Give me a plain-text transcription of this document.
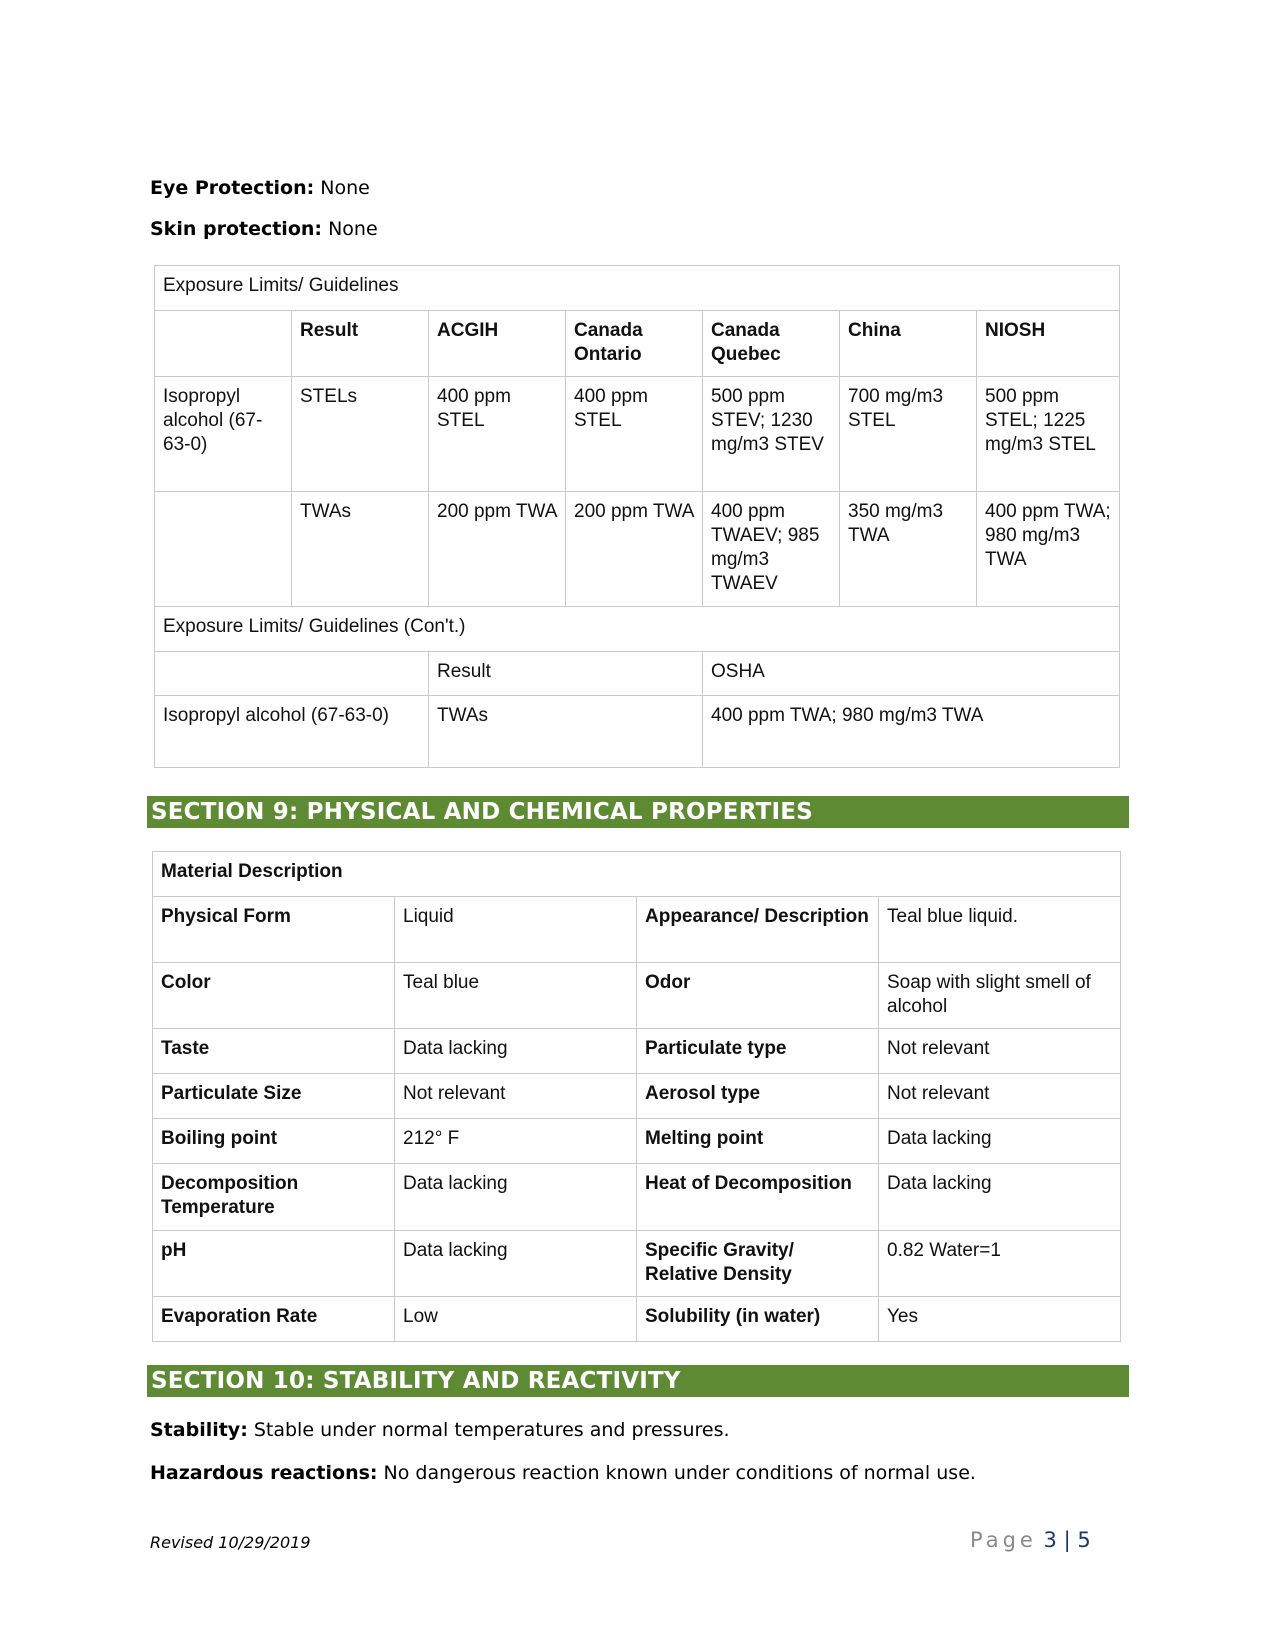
Eye Protection: None
Skin protection: None
Exposure Limits/ Guidelines						
	Result	ACGIH	Canada Ontario	Canada Quebec	China	NIOSH
Isopropyl alcohol (67-63-0)	STELs	400 ppm STEL	400 ppm STEL	500 ppm STEV; 1230 mg/m3 STEV	700 mg/m3 STEL	500 ppm STEL; 1225 mg/m3 STEL
	TWAs	200 ppm TWA	200 ppm TWA	400 ppm TWAEV; 985 mg/m3 TWAEV	350 mg/m3 TWA	400 ppm TWA; 980 mg/m3 TWA
Exposure Limits/ Guidelines (Con't.)						
		Result		OSHA		
Isopropyl alcohol (67-63-0)		TWAs		400 ppm TWA; 980 mg/m3 TWA		
SECTION 9: PHYSICAL AND CHEMICAL PROPERTIES
Material Description			
Physical Form	Liquid	Appearance/ Description	Teal blue liquid.
Color	Teal blue	Odor	Soap with slight smell of alcohol
Taste	Data lacking	Particulate type	Not relevant
Particulate Size	Not relevant	Aerosol type	Not relevant
Boiling point	212° F	Melting point	Data lacking
Decomposition Temperature	Data lacking	Heat of Decomposition	Data lacking
pH	Data lacking	Specific Gravity/ Relative Density	0.82 Water=1
Evaporation Rate	Low	Solubility (in water)	Yes
SECTION 10: STABILITY AND REACTIVITY
Stability: Stable under normal temperatures and pressures.
Hazardous reactions: No dangerous reaction known under conditions of normal use.
Revised 10/29/2019	Page 3 | 5
